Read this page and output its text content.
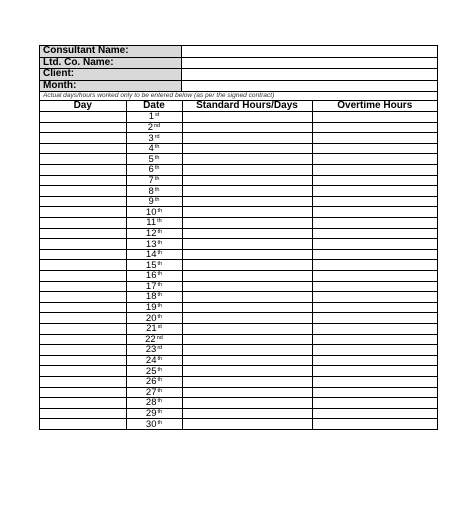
Consultant Name:
Ltd. Co. Name:
Client:
Month:
Actual days/hours worked only to be entered below (as per the signed contract)
Day	Date	Standard Hours/Days	Overtime Hours
	1st		
	2nd		
	3rd		
	4th		
	5th		
	6th		
	7th		
	8th		
	9th		
	10th		
	11th		
	12th		
	13th		
	14th		
	15th		
	16th		
	17th		
	18th		
	19th		
	20th		
	21st		
	22nd		
	23rd		
	24th		
	25th		
	26th		
	27th		
	28th		
	29th		
	30th		
